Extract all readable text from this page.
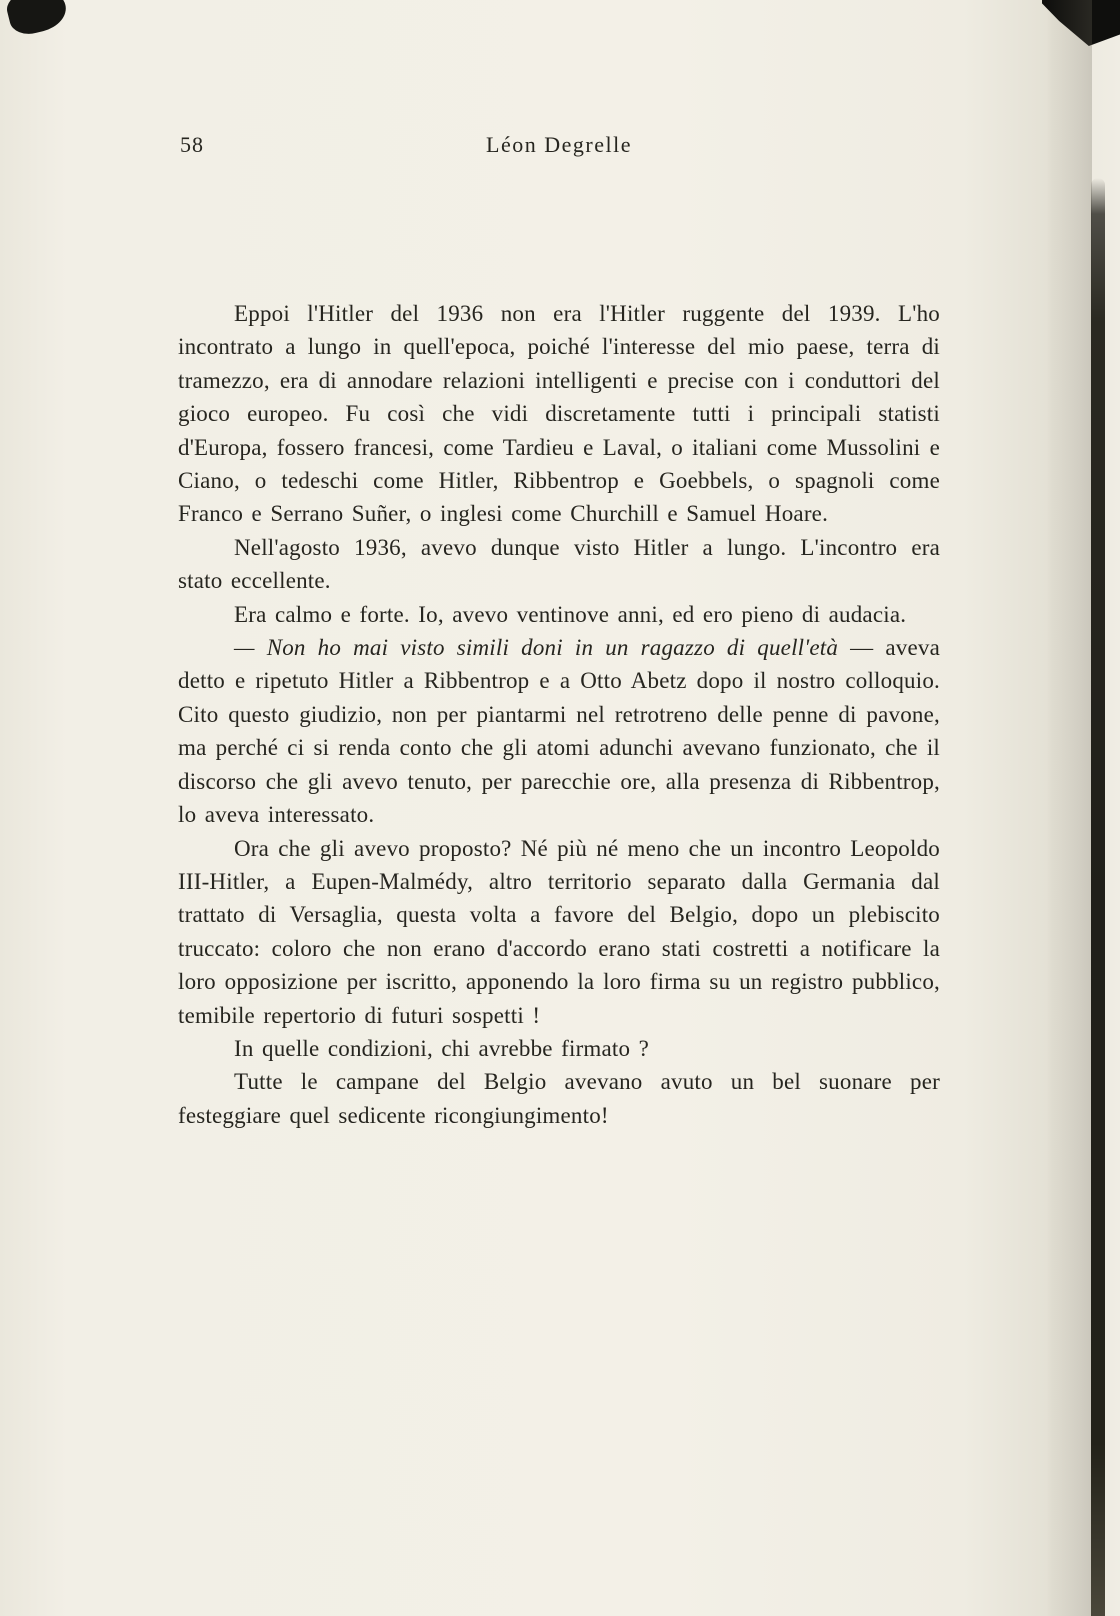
58	Léon Degrelle

Eppoi l'Hitler del 1936 non era l'Hitler ruggente del 1939. L'ho incontrato a lungo in quell'epoca, poiché l'interesse del mio paese, terra di tramezzo, era di annodare relazioni intelligenti e precise con i conduttori del gioco europeo. Fu così che vidi discretamente tutti i principali statisti d'Europa, fossero francesi, come Tardieu e Laval, o italiani come Mussolini e Ciano, o tedeschi come Hitler, Ribbentrop e Goebbels, o spagnoli come Franco e Serrano Suñer, o inglesi come Churchill e Samuel Hoare.

Nell'agosto 1936, avevo dunque visto Hitler a lungo. L'incontro era stato eccellente.

Era calmo e forte. Io, avevo ventinove anni, ed ero pieno di audacia.

— Non ho mai visto simili doni in un ragazzo di quell'età — aveva detto e ripetuto Hitler a Ribbentrop e a Otto Abetz dopo il nostro colloquio. Cito questo giudizio, non per piantarmi nel retrotreno delle penne di pavone, ma perché ci si renda conto che gli atomi adunchi avevano funzionato, che il discorso che gli avevo tenuto, per parecchie ore, alla presenza di Ribbentrop, lo aveva interessato.

Ora che gli avevo proposto? Né più né meno che un incontro Leopoldo III-Hitler, a Eupen-Malmédy, altro territorio separato dalla Germania dal trattato di Versaglia, questa volta a favore del Belgio, dopo un plebiscito truccato: coloro che non erano d'accordo erano stati costretti a notificare la loro opposizione per iscritto, apponendo la loro firma su un registro pubblico, temibile repertorio di futuri sospetti !

In quelle condizioni, chi avrebbe firmato ?

Tutte le campane del Belgio avevano avuto un bel suonare per festeggiare quel sedicente ricongiungimento!
